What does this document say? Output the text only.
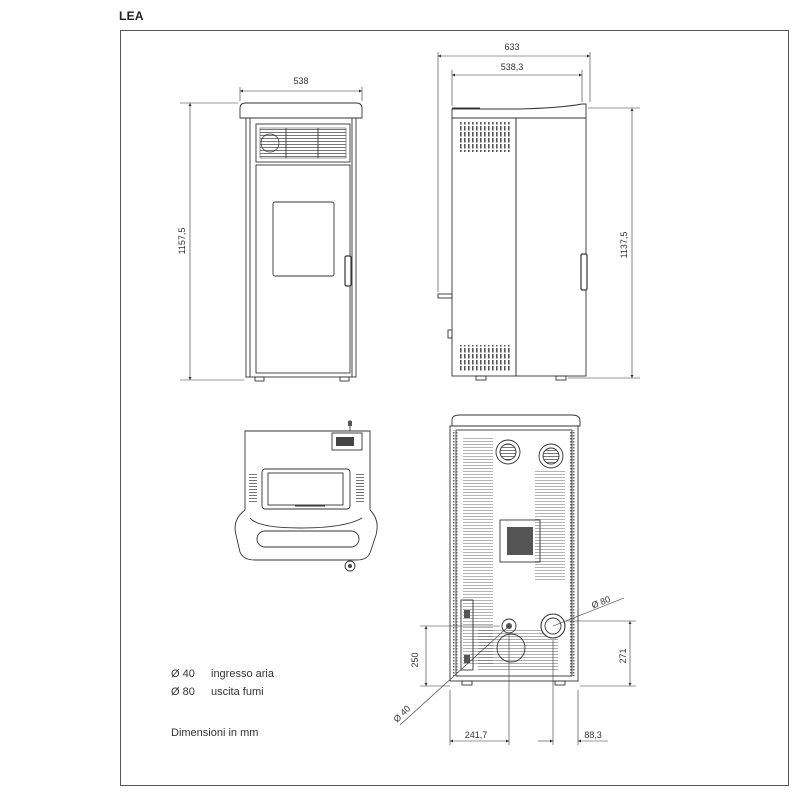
LEA
538
1157,5
633
538,3
1137,5
250	271
Ø 40
Ø 80
241,7	88,3
Ø 40 ingresso aria
Ø 80 uscita fumi
Dimensioni in mm
